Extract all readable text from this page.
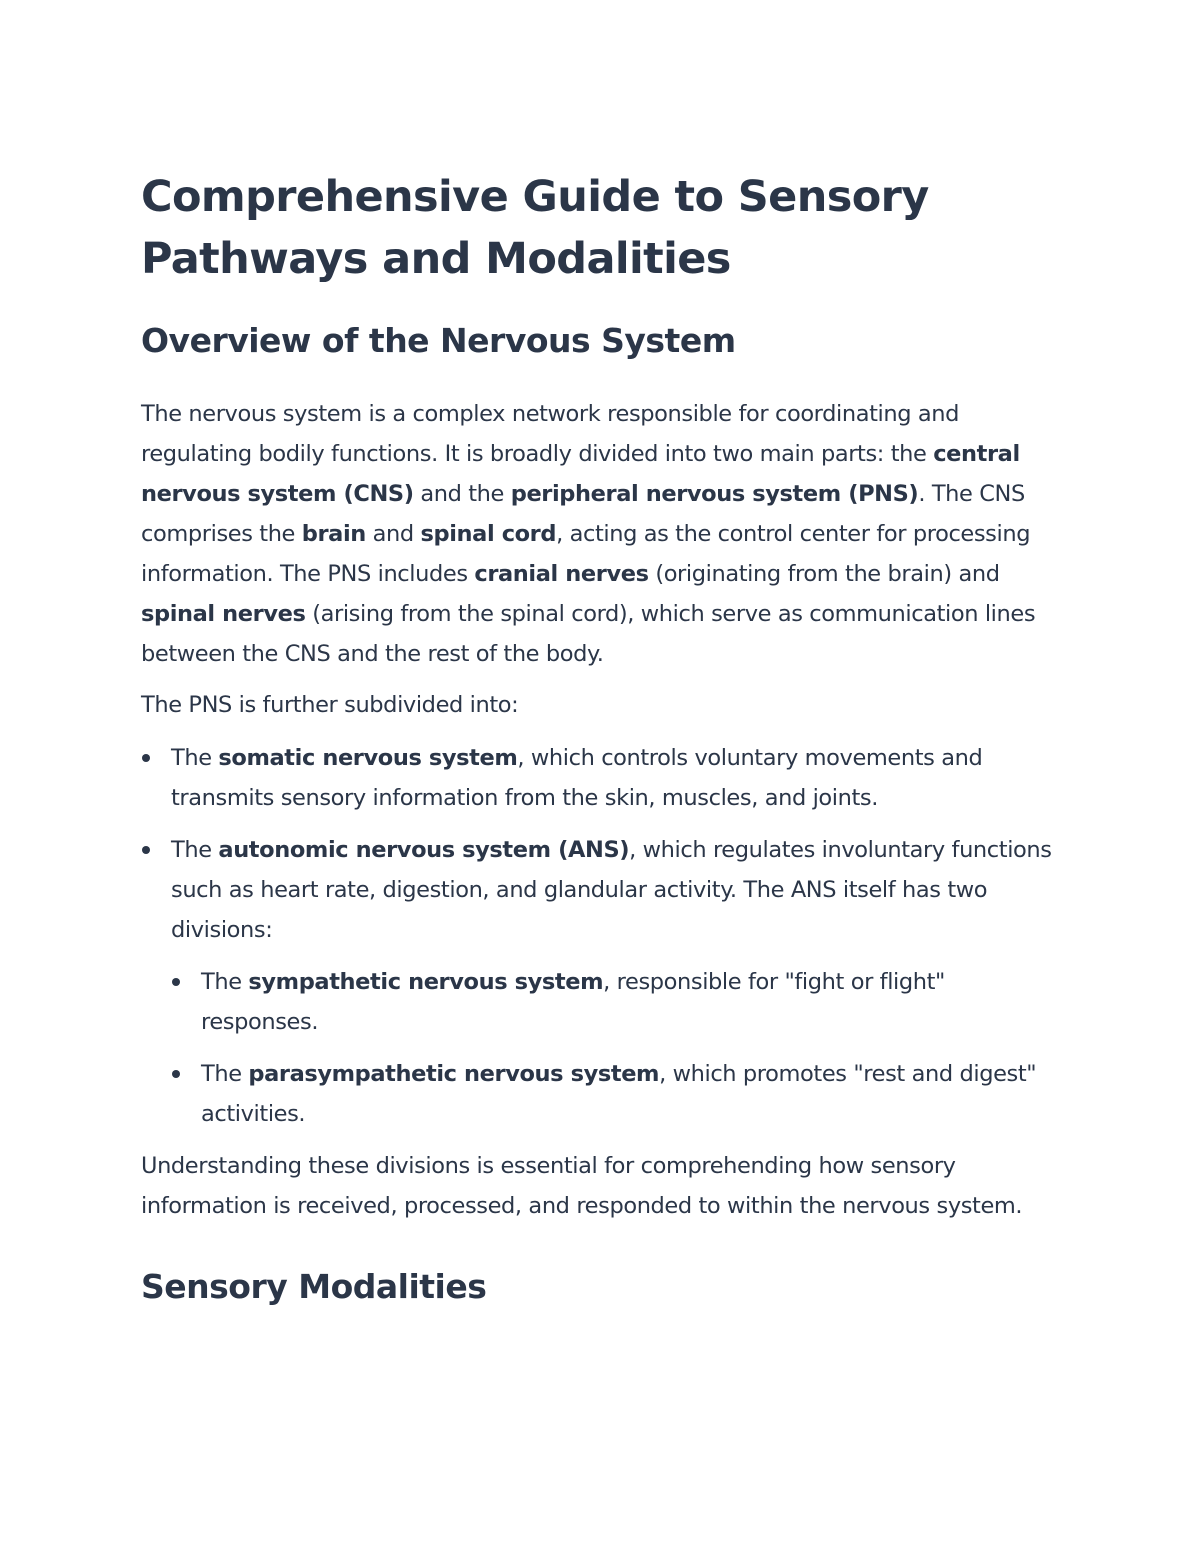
Comprehensive Guide to Sensory Pathways and Modalities
Overview of the Nervous System

The nervous system is a complex network responsible for coordinating and regulating bodily functions. It is broadly divided into two main parts: the central nervous system (CNS) and the peripheral nervous system (PNS). The CNS comprises the brain and spinal cord, acting as the control center for processing information. The PNS includes cranial nerves (originating from the brain) and spinal nerves (arising from the spinal cord), which serve as communication lines between the CNS and the rest of the body.

The PNS is further subdivided into:

The somatic nervous system, which controls voluntary movements and transmits sensory information from the skin, muscles, and joints.
The autonomic nervous system (ANS), which regulates involuntary functions such as heart rate, digestion, and glandular activity. The ANS itself has two divisions:
The sympathetic nervous system, responsible for "fight or flight" responses.
The parasympathetic nervous system, which promotes "rest and digest" activities.

Understanding these divisions is essential for comprehending how sensory information is received, processed, and responded to within the nervous system.

Sensory Modalities
